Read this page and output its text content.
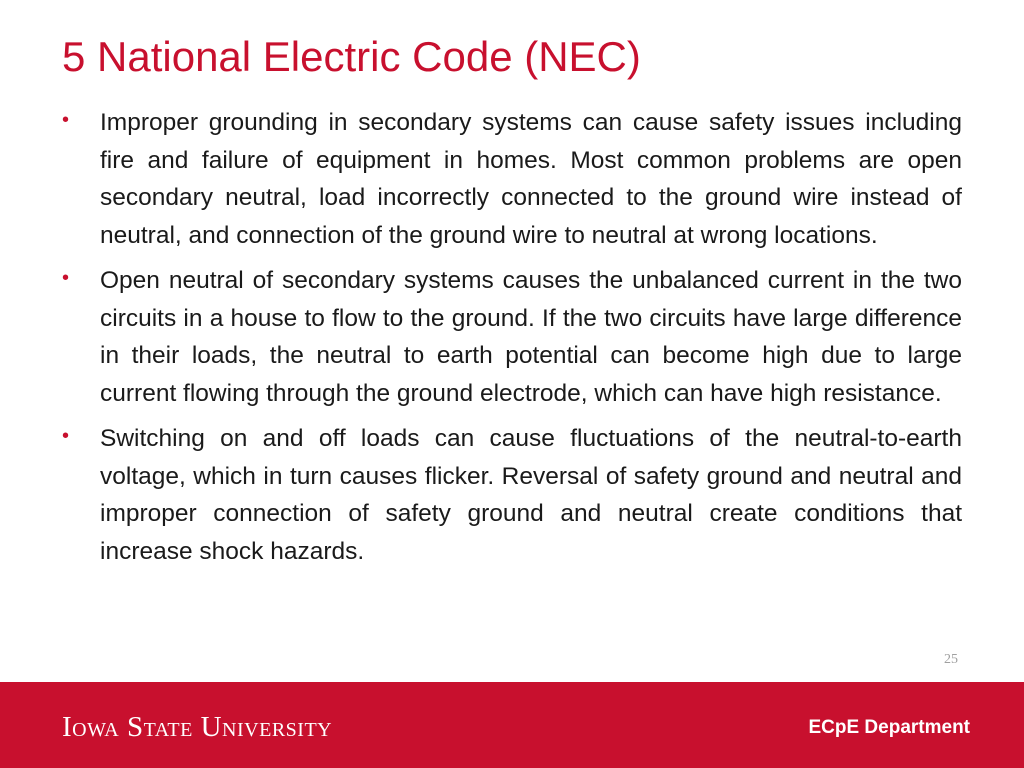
5 National Electric Code (NEC)
• Improper grounding in secondary systems can cause safety issues including fire and failure of equipment in homes. Most common problems are open secondary neutral, load incorrectly connected to the ground wire instead of neutral, and connection of the ground wire to neutral at wrong locations.
• Open neutral of secondary systems causes the unbalanced current in the two circuits in a house to flow to the ground. If the two circuits have large difference in their loads, the neutral to earth potential can become high due to large current flowing through the ground electrode, which can have high resistance.
• Switching on and off loads can cause fluctuations of the neutral-to-earth voltage, which in turn causes flicker. Reversal of safety ground and neutral and improper connection of safety ground and neutral create conditions that increase shock hazards.
25
Iowa State University	ECpE Department
